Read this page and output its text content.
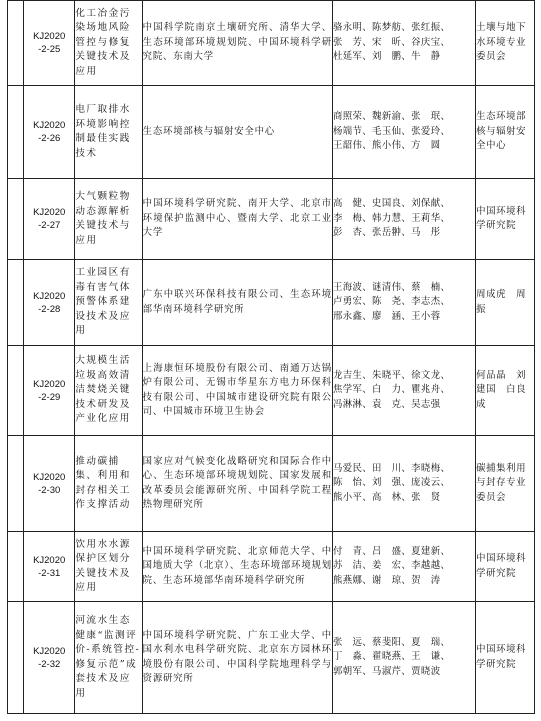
	KJ2020
-2-25	化工冶金污染场地风险管控与修复关键技术及应用	中国科学院南京土壤研究所、清华大学、生态环境部环境规划院、中国环境科学研究院、东南大学	骆永明、陈梦舫、张红振、
张　芳、宋　昕、谷庆宝、
杜延军、刘　鹏、牛　静	土壤与地下水环境专业委员会

	KJ2020
-2-26	电厂取排水环境影响控制最佳实践技术	生态环境部核与辐射安全中心	商照荣、魏新渝、张　珉、
杨端节、毛玉仙、张爱玲、
王韶伟、熊小伟、方　圆	生态环境部核与辐射安全中心

	KJ2020
-2-27	大气颗粒物动态源解析关键技术与应用	中国环境科学研究院、南开大学、北京市环境保护监测中心、暨南大学、北京工业大学	高　健、史国良、刘保献、
李　梅、韩力慧、王莉华、
彭　杏、张岳翀、马　彤	中国环境科学研究院

	KJ2020
-2-28	工业园区有毒有害气体预警体系建设技术及应用	广东中联兴环保科技有限公司、生态环境部华南环境科学研究所	王海波、谜清伟、蔡　楠、
卢勇宏、陈　尧、李志杰、
邢永鑫、廖　涵、王小蓉	周成虎　周　振

	KJ2020
-2-29	大规模生活垃圾高效清洁焚烧关键技术研发及产业化应用	上海康恒环境股份有限公司、南通万达锅炉有限公司、无锡市华星东方电力环保科技有限公司、中国城市建设研究院有限公司、中国城市环境卫生协会	龙吉生、朱晓平、徐文龙、
焦学军、白　力、瞿兆舟、
冯淋淋、袁　克、吴志强	何品晶　刘建国　白良成

	KJ2020
-2-30	推动碳捕集、利用和封存相关工作支撑活动	国家应对气候变化战略研究和国际合作中心、生态环境部环境规划院、国家发展和改革委员会能源研究所、中国科学院工程热物理研究所	马爱民、田　川、李晓梅、
陈　怡、刘　强、庞凌云、
熊小平、高　林、张　贤	碳捕集利用与封存专业委员会

	KJ2020
-2-31	饮用水水源保护区划分关键技术及应用	中国环境科学研究院、北京师范大学、中国地质大学（北京）、生态环境部环境规划院、生态环境部华南环境科学研究所	付　青、吕　盛、夏建新、
苏　洁、姜　宏、李越越、
熊燕娜、谢　琼、贺　涛	中国环境科学研究院

	KJ2020
-2-32	河流水生态健康“监测评价-系统管控-修复示范”成套技术及应用	中国环境科学研究院、广东工业大学、中国水利水电科学研究院、北京东方园林环境股份有限公司、中国科学院地理科学与资源研究所	张　远、蔡斐阳、夏　瑞、
丁　淼、翟晓燕、王　谦、
郭朝军、马淑芹、贾晓波	中国环境科学研究院
